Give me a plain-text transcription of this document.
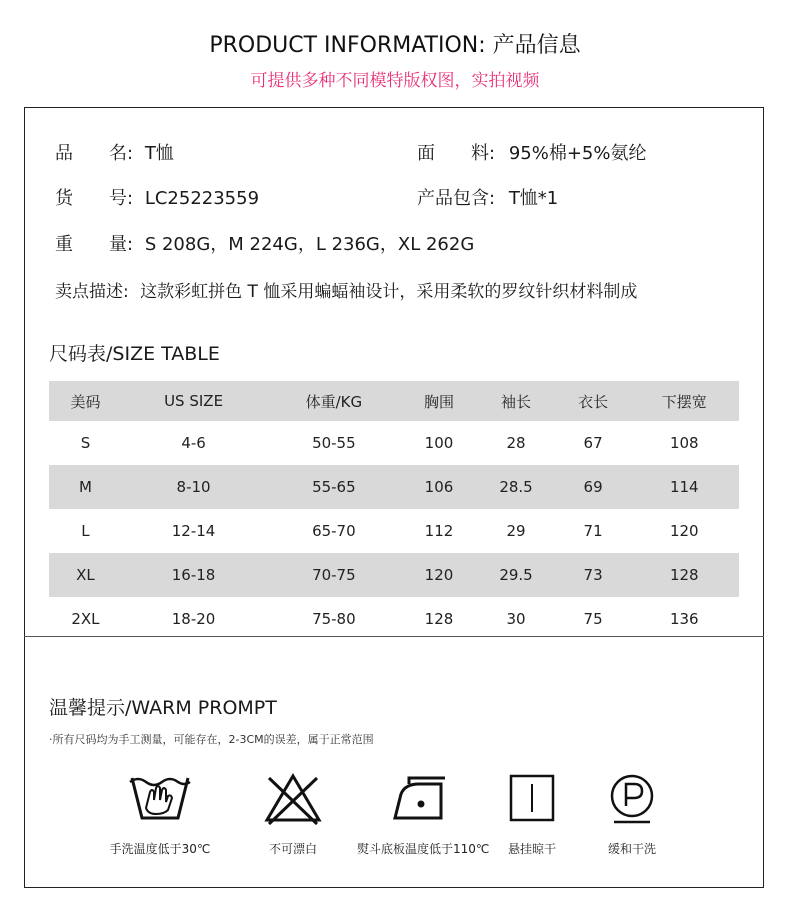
PRODUCT INFORMATION: 产品信息
可提供多种不同模特版权图，实拍视频
品　　名: T恤	面　　料: 95%棉+5%氨纶
货　　号: LC25223559	产品包含: T恤*1
重　　量: S 208G，M 224G，L 236G，XL 262G
卖点描述: 这款彩虹拼色 T 恤采用蝙蝠袖设计，采用柔软的罗纹针织材料制成
尺码表/SIZE TABLE
美码	US SIZE	体重/KG	胸围	袖长	衣长	下摆宽
S	4-6	50-55	100	28	67	108
M	8-10	55-65	106	28.5	69	114
L	12-14	65-70	112	29	71	120
XL	16-18	70-75	120	29.5	73	128
2XL	18-20	75-80	128	30	75	136
温馨提示/WARM PROMPT
·所有尺码均为手工测量，可能存在，2-3CM的误差，属于正常范围
手洗温度低于30℃	不可漂白	熨斗底板温度低于110℃	悬挂晾干	缓和干洗
